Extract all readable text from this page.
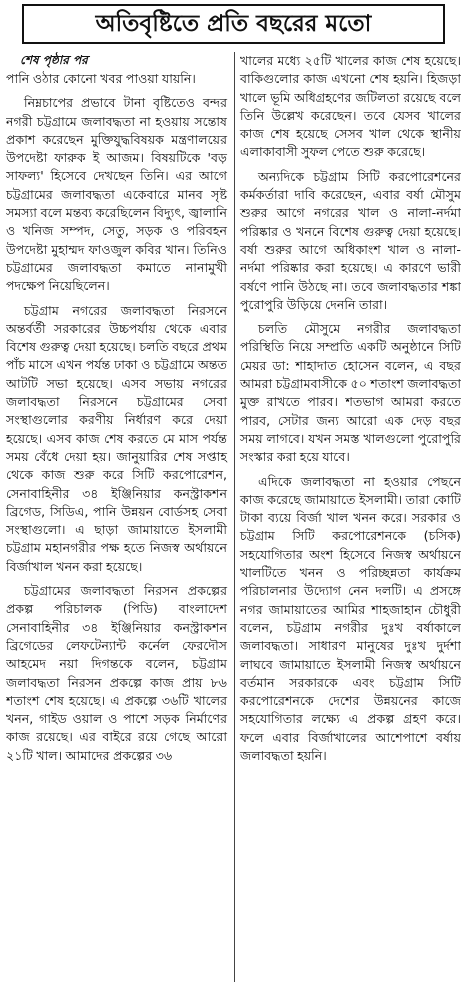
অতিবৃষ্টিতে প্রতি বছরের মতো
শেষ পৃষ্ঠার পর

পানি ওঠার কোনো খবর পাওয়া যায়নি।

নিম্নচাপের প্রভাবে টানা বৃষ্টিতেও বন্দর নগরী চট্টগ্রামে জলাবদ্ধতা না হওয়ায় সন্তোষ প্রকাশ করেছেন মুক্তিযুদ্ধবিষয়ক মন্ত্রণালয়ের উপদেষ্টা ফারুক ই আজম। বিষয়টিকে 'বড় সাফল্য' হিসেবে দেখছেন তিনি। এর আগে চট্টগ্রামের জলাবদ্ধতা একেবারে মানব সৃষ্ট সমস্যা বলে মন্তব্য করেছিলেন বিদ্যুৎ, জ্বালানি ও খনিজ সম্পদ, সেতু, সড়ক ও পরিবহন উপদেষ্টা মুহাম্মদ ফাওজুল কবির খান। তিনিও চট্টগ্রামের জলাবদ্ধতা কমাতে নানামুখী পদক্ষেপ নিয়েছিলেন।

চট্টগ্রাম নগরের জলাবদ্ধতা নিরসনে অন্তর্বর্তী সরকারের উচ্চপর্যায় থেকে এবার বিশেষ গুরুত্ব দেয়া হয়েছে। চলতি বছরে প্রথম পাঁচ মাসে এখন পর্যন্ত ঢাকা ও চট্টগ্রামে অন্তত আটটি সভা হয়েছে। এসব সভায় নগরের জলাবদ্ধতা নিরসনে চট্টগ্রামের সেবা সংস্থাগুলোর করণীয় নির্ধারণ করে দেয়া হয়েছে। এসব কাজ শেষ করতে মে মাস পর্যন্ত সময় বেঁধে দেয়া হয়। জানুয়ারির শেষ সপ্তাহ থেকে কাজ শুরু করে সিটি করপোরেশন, সেনাবাহিনীর ৩৪ ইঞ্জিনিয়ার কনস্ট্রাকশন ব্রিগেড, সিডিএ, পানি উন্নয়ন বোর্ডসহ সেবা সংস্থাগুলো। এ ছাড়া জামায়াতে ইসলামী চট্টগ্রাম মহানগরীর পক্ষ হতে নিজস্ব অর্থায়নে বির্জাখাল খনন করা হয়েছে।

চট্টগ্রামের জলাবদ্ধতা নিরসন প্রকল্পের প্রকল্প পরিচালক (পিডি) বাংলাদেশ সেনাবাহিনীর ৩৪ ইঞ্জিনিয়ার কনস্ট্রাকশন ব্রিগেডের লেফটেন্যান্ট কর্নেল ফেরদৌস আহমেদ নয়া দিগন্তকে বলেন, চট্টগ্রাম জলাবদ্ধতা নিরসন প্রকল্পে কাজ প্রায় ৮৬ শতাংশ শেষ হয়েছে। এ প্রকল্পে ৩৬টি খালের খনন, গাইড ওয়াল ও পাশে সড়ক নির্মাণের কাজ রয়েছে। এর বাইরে রয়ে গেছে আরো ২১টি খাল। আমাদের প্রকল্পের ৩৬

খালের মধ্যে ২৫টি খালের কাজ শেষ হয়েছে। বাকিগুলোর কাজ এখনো শেষ হয়নি। হিজড়া খালে ভূমি অধিগ্রহণের জটিলতা রয়েছে বলে তিনি উল্লেখ করেছেন। তবে যেসব খালের কাজ শেষ হয়েছে সেসব খাল থেকে স্থানীয় এলাকাবাসী সুফল পেতে শুরু করেছে।

অন্যদিকে চট্টগ্রাম সিটি করপোরেশনের কর্মকর্তারা দাবি করেছেন, এবার বর্ষা মৌসুম শুরুর আগে নগরের খাল ও নালা-নর্দমা পরিষ্কার ও খননে বিশেষ গুরুত্ব দেয়া হয়েছে। বর্ষা শুরুর আগে অধিকাংশ খাল ও নালা-নর্দমা পরিষ্কার করা হয়েছে। এ কারণে ভারী বর্ষণে পানি উঠছে না। তবে জলাবদ্ধতার শঙ্কা পুরোপুরি উড়িয়ে দেননি তারা।

চলতি মৌসুমে নগরীর জলাবদ্ধতা পরিস্থিতি নিয়ে সম্প্রতি একটি অনুষ্ঠানে সিটি মেয়র ডা: শাহাদাত হোসেন বলেন, এ বছর আমরা চট্টগ্রামবাসীকে ৫০ শতাংশ জলাবদ্ধতা মুক্ত রাখতে পারব। শতভাগ আমরা করতে পারব, সেটার জন্য আরো এক দেড় বছর সময় লাগবে। যখন সমস্ত খালগুলো পুরোপুরি সংস্কার করা হয়ে যাবে।

এদিকে জলাবদ্ধতা না হওয়ার পেছনে কাজ করেছে জামায়াতে ইসলামী। তারা কোটি টাকা ব্যয়ে বির্জা খাল খনন করে। সরকার ও চট্টগ্রাম সিটি করপোরেশনকে (চসিক) সহযোগিতার অংশ হিসেবে নিজস্ব অর্থায়নে খালটিতে খনন ও পরিচ্ছন্নতা কার্যক্রম পরিচালনার উদ্যোগ নেন দলটি। এ প্রসঙ্গে নগর জামায়াতের আমির শাহজাহান চৌধুরী বলেন, চট্টগ্রাম নগরীর দুঃখ বর্ষাকালে জলাবদ্ধতা। সাধারণ মানুষের দুঃখ দুর্দশা লাঘবে জামায়াতে ইসলামী নিজস্ব অর্থায়নে বর্তমান সরকারকে এবং চট্টগ্রাম সিটি করপোরেশনকে দেশের উন্নয়নের কাজে সহযোগিতার লক্ষ্যে এ প্রকল্প গ্রহণ করে। ফলে এবার বির্জাখালের আশেপাশে বর্ষায় জলাবদ্ধতা হয়নি।
